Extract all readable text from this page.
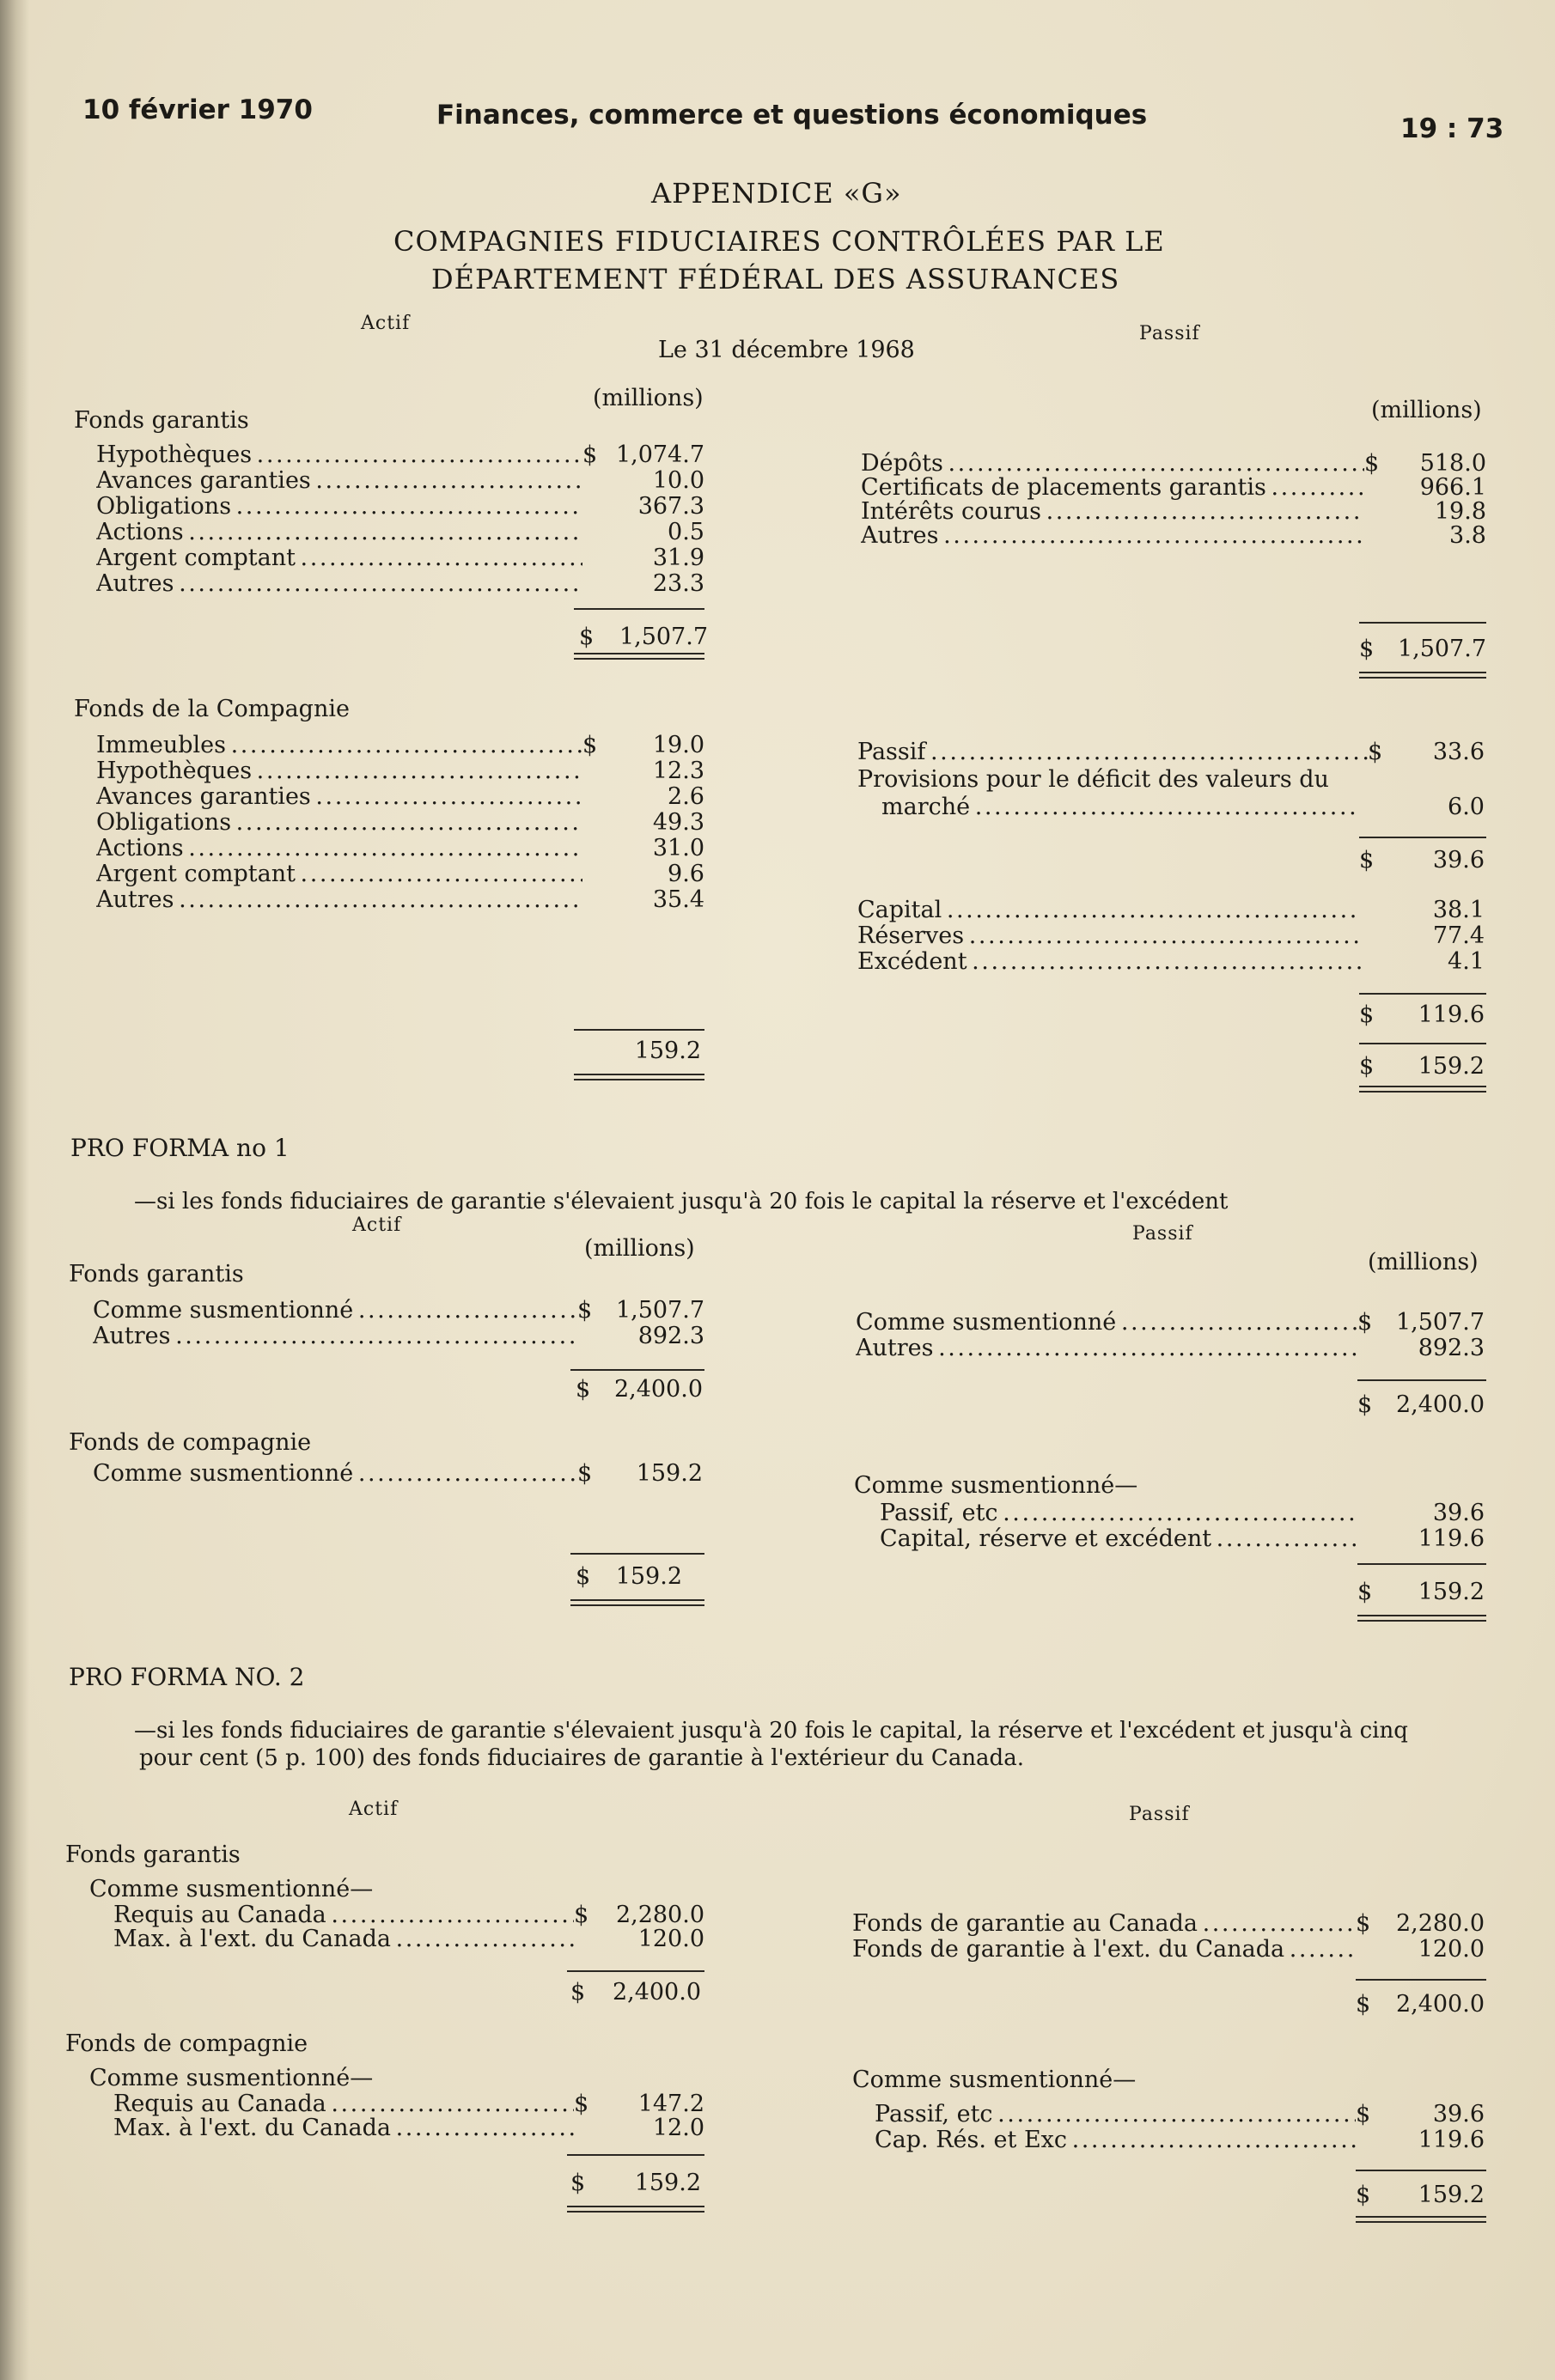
10 février 1970	Finances, commerce et questions économiques	19 : 73
APPENDICE «G»
COMPAGNIES FIDUCIAIRES CONTRÔLÉES PAR LE
DÉPARTEMENT FÉDÉRAL DES ASSURANCES
Actif	Passif
Le 31 décembre 1968
(millions)	(millions)
Fonds garantis
Hypothèques . . .	$ 1,074.7
Avances garanties . . .	10.0
Obligations . . .	367.3
Actions . . .	0.5
Argent comptant . . .	31.9
Autres . . .	23.3
$ 1,507.7
Dépôts . . .	$ 518.0
Certificats de placements garantis . . .	966.1
Intérêts courus . . .	19.8
Autres . . .	3.8
$ 1,507.7
Fonds de la Compagnie
Immeubles . . .	$ 19.0
Hypothèques . . .	12.3
Avances garanties . . .	2.6
Obligations . . .	49.3
Actions . . .	31.0
Argent comptant . . .	9.6
Autres . . .	35.4
159.2
Passif . . .	$ 33.6
Provisions pour le déficit des valeurs du
marché . . .	6.0
$	39.6
Capital . . .	38.1
Réserves . . .	77.4
Excédent . . .	4.1
$ 119.6
$ 159.2
PRO FORMA no 1
—si les fonds fiduciaires de garantie s'élevaient jusqu'à 20 fois le capital la réserve et l'excédent
Actif	Passif
(millions)
(millions)
Fonds garantis
Comme susmentionné . . .	$ 1,507.7
Autres . . .	892.3
$ 2,400.0
Comme susmentionné . . .	$ 1,507.7
Autres . . .	892.3
$ 2,400.0
Fonds de compagnie
Comme susmentionné . . .	$ 159.2
$ 159.2
Comme susmentionné—
Passif, etc . . .	39.6
Capital, réserve et excédent . . .	119.6
$ 159.2
PRO FORMA NO. 2
—si les fonds fiduciaires de garantie s'élevaient jusqu'à 20 fois le capital, la réserve et l'excédent et jusqu'à cinq
pour cent (5 p. 100) des fonds fiduciaires de garantie à l'extérieur du Canada.
Actif	Passif
Fonds garantis
Comme susmentionné—
Requis au Canada . . .	$ 2,280.0
Max. à l'ext. du Canada . . .	120.0
$ 2,400.0
Fonds de garantie au Canada . . .	$ 2,280.0
Fonds de garantie à l'ext. du Canada . . .	120.0
$ 2,400.0
Fonds de compagnie
Comme susmentionné—
Requis au Canada . . .	$ 147.2
Max. à l'ext. du Canada . . .	12.0
$ 159.2
Comme susmentionné—
Passif, etc . . .	$	39.6
Cap. Rés. et Exc . . .	119.6
$ 159.2
